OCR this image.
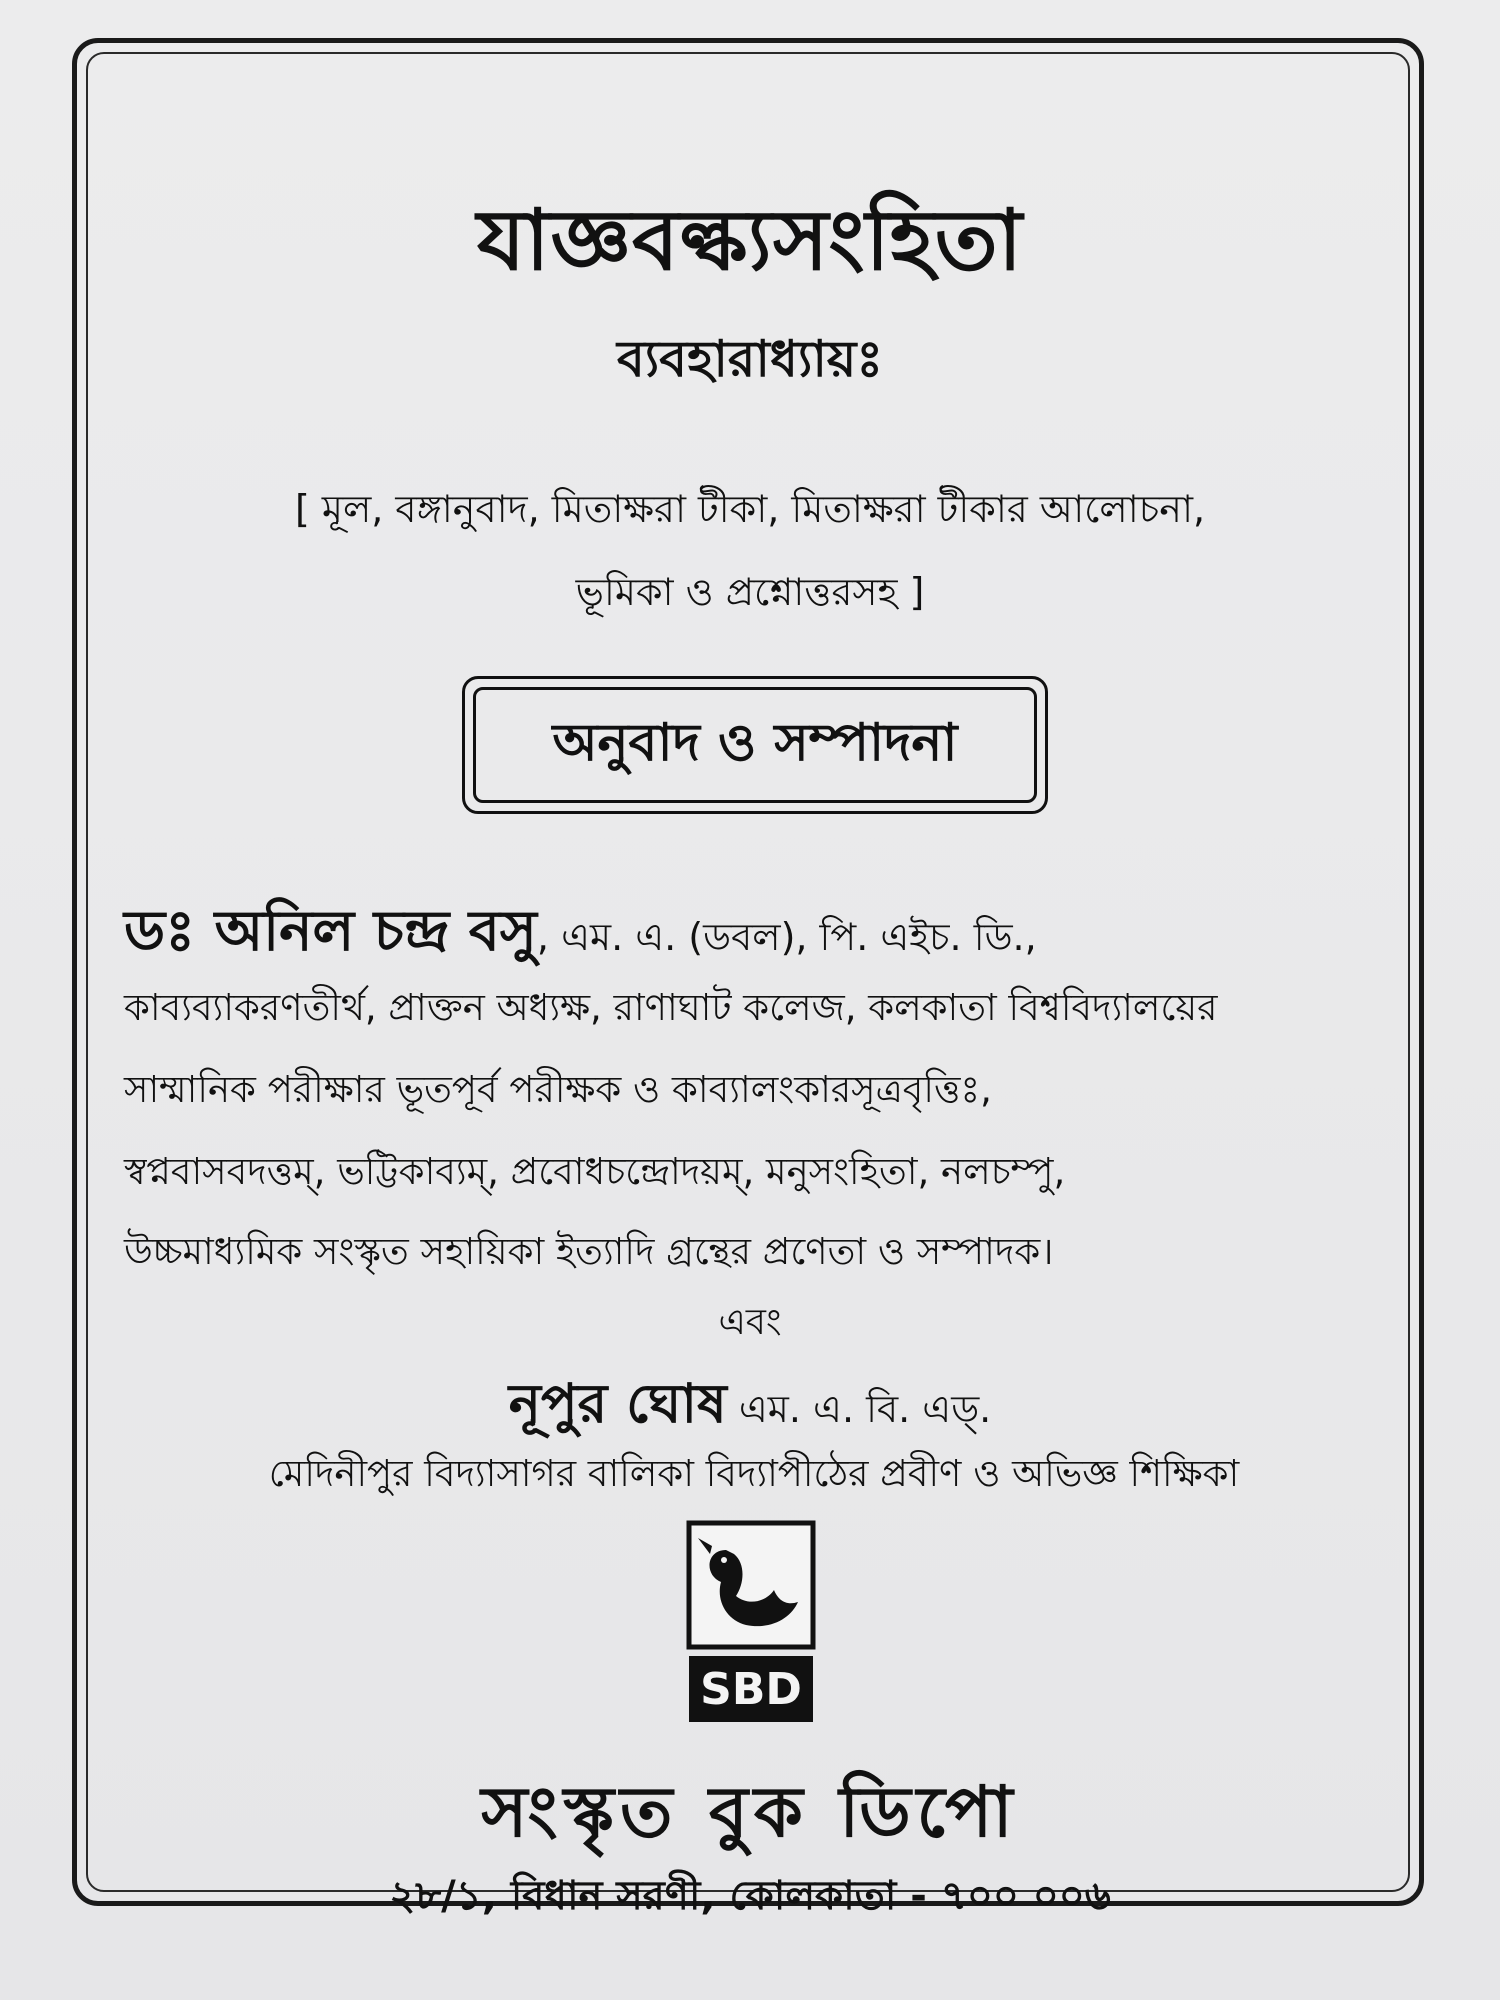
যাজ্ঞবল্ক্যসংহিতা
ব্যবহারাধ্যায়ঃ
[ মূল, বঙ্গানুবাদ, মিতাক্ষরা টীকা, মিতাক্ষরা টীকার আলোচনা,
ভূমিকা ও প্রশ্নোত্তরসহ ]
অনুবাদ ও সম্পাদনা
ডঃ অনিল চন্দ্র বসু, এম. এ. (ডবল), পি. এইচ. ডি.,
কাব্যব্যাকরণতীর্থ, প্রাক্তন অধ্যক্ষ, রাণাঘাট কলেজ, কলকাতা বিশ্ববিদ্যালয়ের
সাম্মানিক পরীক্ষার ভূতপূর্ব পরীক্ষক ও কাব্যালংকারসূত্রবৃত্তিঃ,
স্বপ্নবাসবদত্তম্, ভট্টিকাব্যম্, প্রবোধচন্দ্রোদয়ম্, মনুসংহিতা, নলচম্পু,
উচ্চমাধ্যমিক সংস্কৃত সহায়িকা ইত্যাদি গ্রন্থের প্রণেতা ও সম্পাদক।
এবং
নূপুর ঘোষ এম. এ. বি. এড্.
মেদিনীপুর বিদ্যাসাগর বালিকা বিদ্যাপীঠের প্রবীণ ও অভিজ্ঞ শিক্ষিকা
SBD
সংস্কৃত বুক ডিপো
২৮/১, বিধান সরণী, কোলকাতা - ৭০০ ০০৬
